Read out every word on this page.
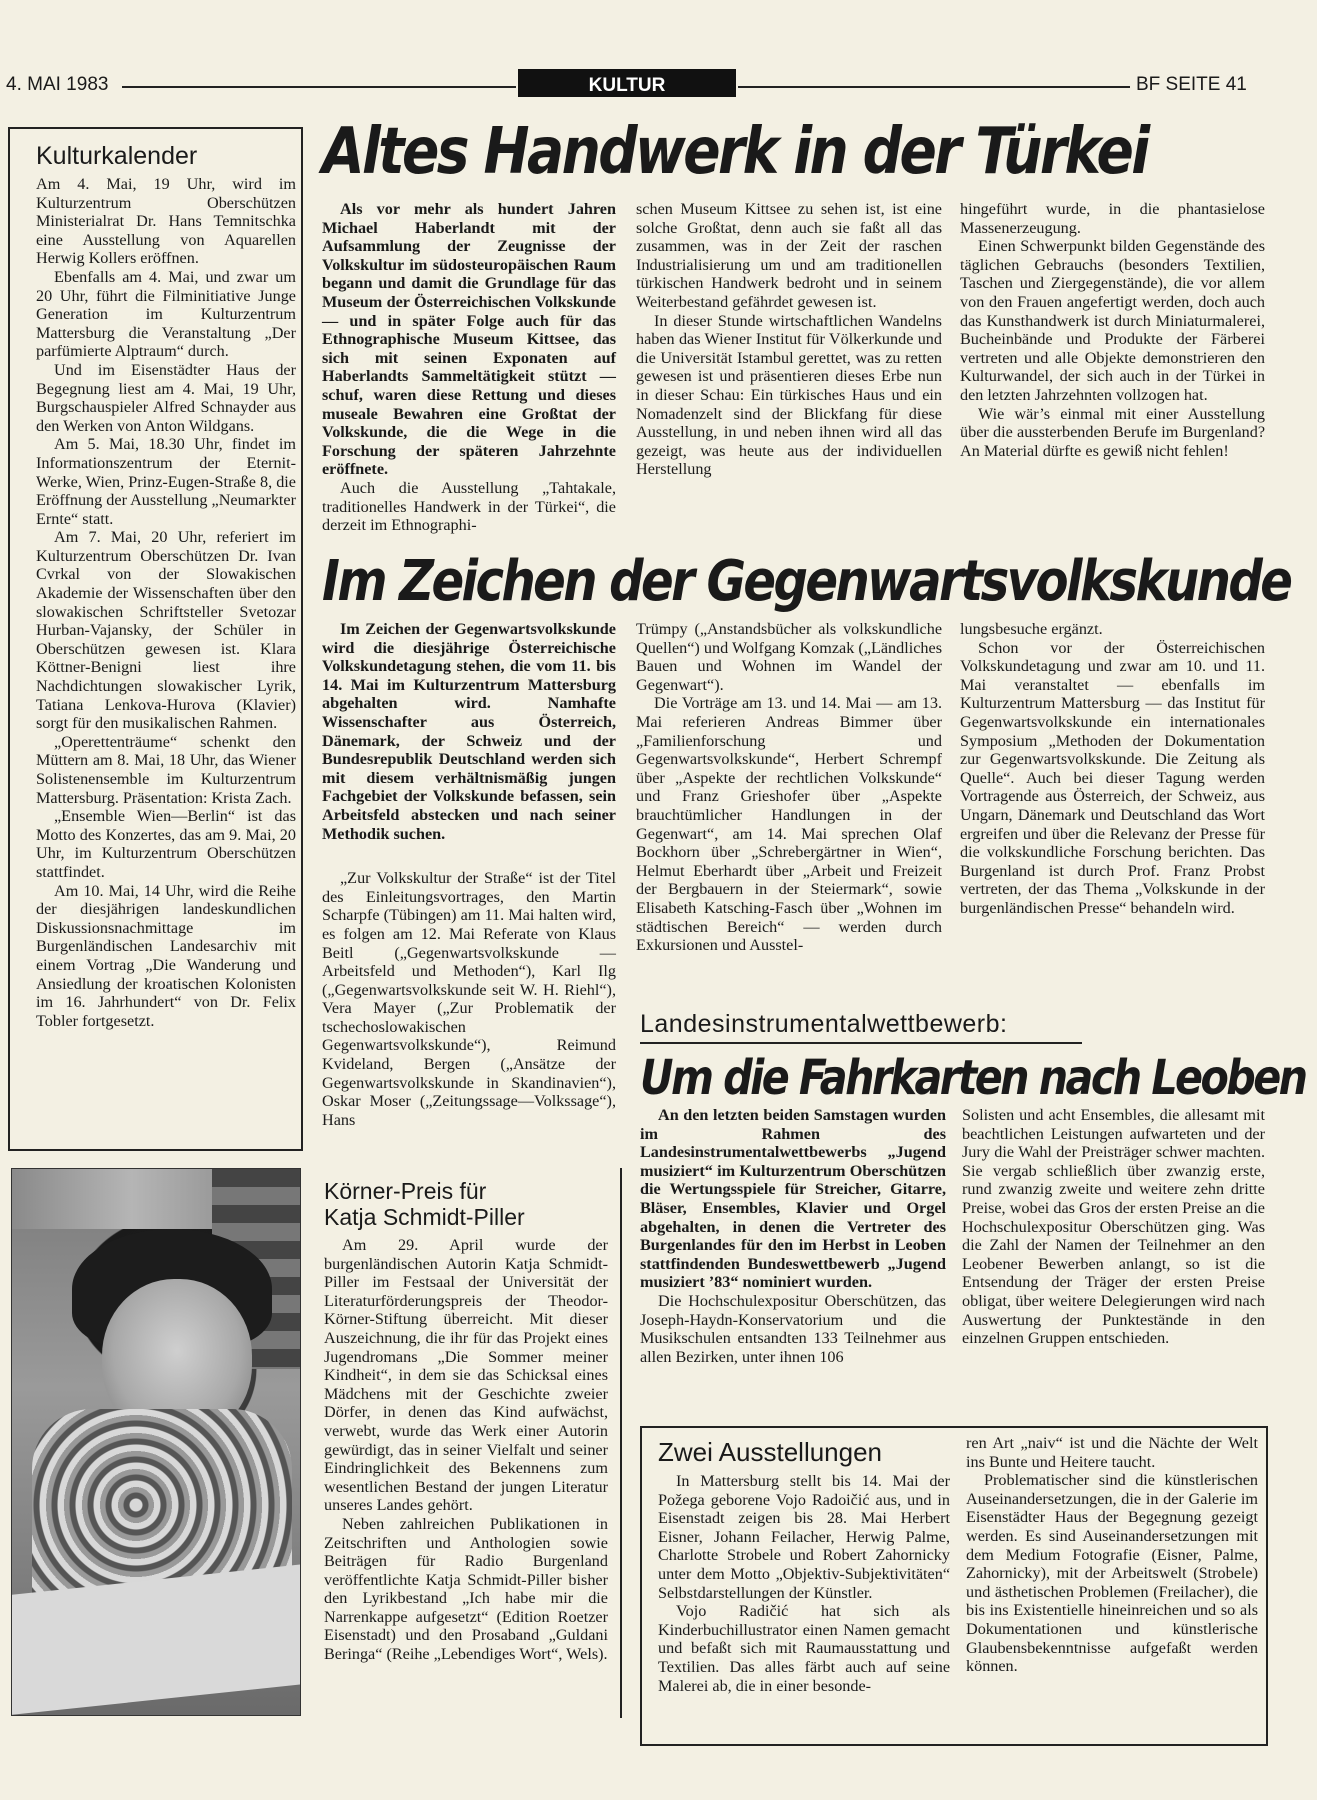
4. MAI 1983	KULTUR	BF SEITE 41
Kulturkalender

Am 4. Mai, 19 Uhr, wird im Kulturzentrum Oberschützen Ministerialrat Dr. Hans Temnitschka eine Ausstellung von Aquarellen Herwig Kollers eröffnen.

Ebenfalls am 4. Mai, und zwar um 20 Uhr, führt die Filminitiative Junge Generation im Kulturzentrum Mattersburg die Veranstaltung „Der parfümierte Alptraum“ durch.

Und im Eisenstädter Haus der Begegnung liest am 4. Mai, 19 Uhr, Burgschauspieler Alfred Schnayder aus den Werken von Anton Wildgans.

Am 5. Mai, 18.30 Uhr, findet im Informationszentrum der Eternit-Werke, Wien, Prinz-Eugen-Straße 8, die Eröffnung der Ausstellung „Neumarkter Ernte“ statt.

Am 7. Mai, 20 Uhr, referiert im Kulturzentrum Oberschützen Dr. Ivan Cvrkal von der Slowakischen Akademie der Wissenschaften über den slowakischen Schriftsteller Svetozar Hurban-Vajansky, der Schüler in Oberschützen gewesen ist. Klara Köttner-Benigni liest ihre Nachdichtungen slowakischer Lyrik, Tatiana Lenkova-Hurova (Klavier) sorgt für den musikalischen Rahmen.

„Operettenträume“ schenkt den Müttern am 8. Mai, 18 Uhr, das Wiener Solistenensemble im Kulturzentrum Mattersburg. Präsentation: Krista Zach.

„Ensemble Wien—Berlin“ ist das Motto des Konzertes, das am 9. Mai, 20 Uhr, im Kulturzentrum Oberschützen stattfindet.

Am 10. Mai, 14 Uhr, wird die Reihe der diesjährigen landeskundlichen Diskussionsnachmittage im Burgenländischen Landesarchiv mit einem Vortrag „Die Wanderung und Ansiedlung der kroatischen Kolonisten im 16. Jahrhundert“ von Dr. Felix Tobler fortgesetzt.

Altes Handwerk in der Türkei

Als vor mehr als hundert Jahren Michael Haberlandt mit der Aufsammlung der Zeugnisse der Volkskultur im südosteuropäischen Raum begann und damit die Grundlage für das Museum der Österreichischen Volkskunde — und in später Folge auch für das Ethnographische Museum Kittsee, das sich mit seinen Exponaten auf Haberlandts Sammeltätigkeit stützt — schuf, waren diese Rettung und dieses museale Bewahren eine Großtat der Volkskunde, die die Wege in die Forschung der späteren Jahrzehnte eröffnete.

Auch die Ausstellung „Tahtakale, traditionelles Handwerk in der Türkei“, die derzeit im Ethnographi-

schen Museum Kittsee zu sehen ist, ist eine solche Großtat, denn auch sie faßt all das zusammen, was in der Zeit der raschen Industrialisierung um und am traditionellen türkischen Handwerk bedroht und in seinem Weiterbestand gefährdet gewesen ist.

In dieser Stunde wirtschaftlichen Wandelns haben das Wiener Institut für Völkerkunde und die Universität Istambul gerettet, was zu retten gewesen ist und präsentieren dieses Erbe nun in dieser Schau: Ein türkisches Haus und ein Nomadenzelt sind der Blickfang für diese Ausstellung, in und neben ihnen wird all das gezeigt, was heute aus der individuellen Herstellung

hingeführt wurde, in die phantasielose Massenerzeugung.

Einen Schwerpunkt bilden Gegenstände des täglichen Gebrauchs (besonders Textilien, Taschen und Ziergegenstände), die vor allem von den Frauen angefertigt werden, doch auch das Kunsthandwerk ist durch Miniaturmalerei, Bucheinbände und Produkte der Färberei vertreten und alle Objekte demonstrieren den Kulturwandel, der sich auch in der Türkei in den letzten Jahrzehnten vollzogen hat.

Wie wär’s einmal mit einer Ausstellung über die aussterbenden Berufe im Burgenland? An Material dürfte es gewiß nicht fehlen!

Im Zeichen der Gegenwartsvolkskunde

Im Zeichen der Gegenwartsvolkskunde wird die diesjährige Österreichische Volkskundetagung stehen, die vom 11. bis 14. Mai im Kulturzentrum Mattersburg abgehalten wird. Namhafte Wissenschafter aus Österreich, Dänemark, der Schweiz und der Bundesrepublik Deutschland werden sich mit diesem verhältnismäßig jungen Fachgebiet der Volkskunde befassen, sein Arbeitsfeld abstecken und nach seiner Methodik suchen.

„Zur Volkskultur der Straße“ ist der Titel des Einleitungsvortrages, den Martin Scharpfe (Tübingen) am 11. Mai halten wird, es folgen am 12. Mai Referate von Klaus Beitl („Gegenwartsvolkskunde — Arbeitsfeld und Methoden“), Karl Ilg („Gegenwartsvolkskunde seit W. H. Riehl“), Vera Mayer („Zur Problematik der tschechoslowakischen Gegenwartsvolkskunde“), Reimund Kvideland, Bergen („Ansätze der Gegenwartsvolkskunde in Skandinavien“), Oskar Moser („Zeitungssage—Volkssage“), Hans

Trümpy („Anstandsbücher als volkskundliche Quellen“) und Wolfgang Komzak („Ländliches Bauen und Wohnen im Wandel der Gegenwart“).

Die Vorträge am 13. und 14. Mai — am 13. Mai referieren Andreas Bimmer über „Familienforschung und Gegenwartsvolkskunde“, Herbert Schrempf über „Aspekte der rechtlichen Volkskunde“ und Franz Grieshofer über „Aspekte brauchtümlicher Handlungen in der Gegenwart“, am 14. Mai sprechen Olaf Bockhorn über „Schrebergärtner in Wien“, Helmut Eberhardt über „Arbeit und Freizeit der Bergbauern in der Steiermark“, sowie Elisabeth Katsching-Fasch über „Wohnen im städtischen Bereich“ — werden durch Exkursionen und Ausstel-

lungsbesuche ergänzt.

Schon vor der Österreichischen Volkskundetagung und zwar am 10. und 11. Mai veranstaltet — ebenfalls im Kulturzentrum Mattersburg — das Institut für Gegenwartsvolkskunde ein internationales Symposium „Methoden der Dokumentation zur Gegenwartsvolkskunde. Die Zeitung als Quelle“. Auch bei dieser Tagung werden Vortragende aus Österreich, der Schweiz, aus Ungarn, Dänemark und Deutschland das Wort ergreifen und über die Relevanz der Presse für die volkskundliche Forschung berichten. Das Burgenland ist durch Prof. Franz Probst vertreten, der das Thema „Volkskunde in der burgenländischen Presse“ behandeln wird.

Körner-Preis für
Katja Schmidt-Piller

Am 29. April wurde der burgenländischen Autorin Katja Schmidt-Piller im Festsaal der Universität der Literaturförderungspreis der Theodor-Körner-Stiftung überreicht. Mit dieser Auszeichnung, die ihr für das Projekt eines Jugendromans „Die Sommer meiner Kindheit“, in dem sie das Schicksal eines Mädchens mit der Geschichte zweier Dörfer, in denen das Kind aufwächst, verwebt, wurde das Werk einer Autorin gewürdigt, das in seiner Vielfalt und seiner Eindringlichkeit des Bekennens zum wesentlichen Bestand der jungen Literatur unseres Landes gehört.

Neben zahlreichen Publikationen in Zeitschriften und Anthologien sowie Beiträgen für Radio Burgenland veröffentlichte Katja Schmidt-Piller bisher den Lyrikbestand „Ich habe mir die Narrenkappe aufgesetzt“ (Edition Roetzer Eisenstadt) und den Prosaband „Guldani Beringa“ (Reihe „Lebendiges Wort“, Wels).

Landesinstrumentalwettbewerb:
Um die Fahrkarten nach Leoben

An den letzten beiden Samstagen wurden im Rahmen des Landesinstrumentalwettbewerbs „Jugend musiziert“ im Kulturzentrum Oberschützen die Wertungsspiele für Streicher, Gitarre, Bläser, Ensembles, Klavier und Orgel abgehalten, in denen die Vertreter des Burgenlandes für den im Herbst in Leoben stattfindenden Bundeswettbewerb „Jugend musiziert ’83“ nominiert wurden.

Die Hochschulexpositur Oberschützen, das Joseph-Haydn-Konservatorium und die Musikschulen entsandten 133 Teilnehmer aus allen Bezirken, unter ihnen 106

Solisten und acht Ensembles, die allesamt mit beachtlichen Leistungen aufwarteten und der Jury die Wahl der Preisträger schwer machten. Sie vergab schließlich über zwanzig erste, rund zwanzig zweite und weitere zehn dritte Preise, wobei das Gros der ersten Preise an die Hochschulexpositur Oberschützen ging. Was die Zahl der Namen der Teilnehmer an den Leobener Bewerben anlangt, so ist die Entsendung der Träger der ersten Preise obligat, über weitere Delegierungen wird nach Auswertung der Punktestände in den einzelnen Gruppen entschieden.

Zwei Ausstellungen

In Mattersburg stellt bis 14. Mai der Požega geborene Vojo Radoičić aus, und in Eisenstadt zeigen bis 28. Mai Herbert Eisner, Johann Feilacher, Herwig Palme, Charlotte Strobele und Robert Zahornicky unter dem Motto „Objektiv-Subjektivitäten“ Selbstdarstellungen der Künstler.

Vojo Radičić hat sich als Kinderbuchillustrator einen Namen gemacht und befaßt sich mit Raumausstattung und Textilien. Das alles färbt auch auf seine Malerei ab, die in einer besonde-

ren Art „naiv“ ist und die Nächte der Welt ins Bunte und Heitere taucht.

Problematischer sind die künstlerischen Auseinandersetzungen, die in der Galerie im Eisenstädter Haus der Begegnung gezeigt werden. Es sind Auseinandersetzungen mit dem Medium Fotografie (Eisner, Palme, Zahornicky), mit der Arbeitswelt (Strobele) und ästhetischen Problemen (Freilacher), die bis ins Existentielle hineinreichen und so als Dokumentationen und künstlerische Glaubensbekenntnisse aufgefaßt werden können.
